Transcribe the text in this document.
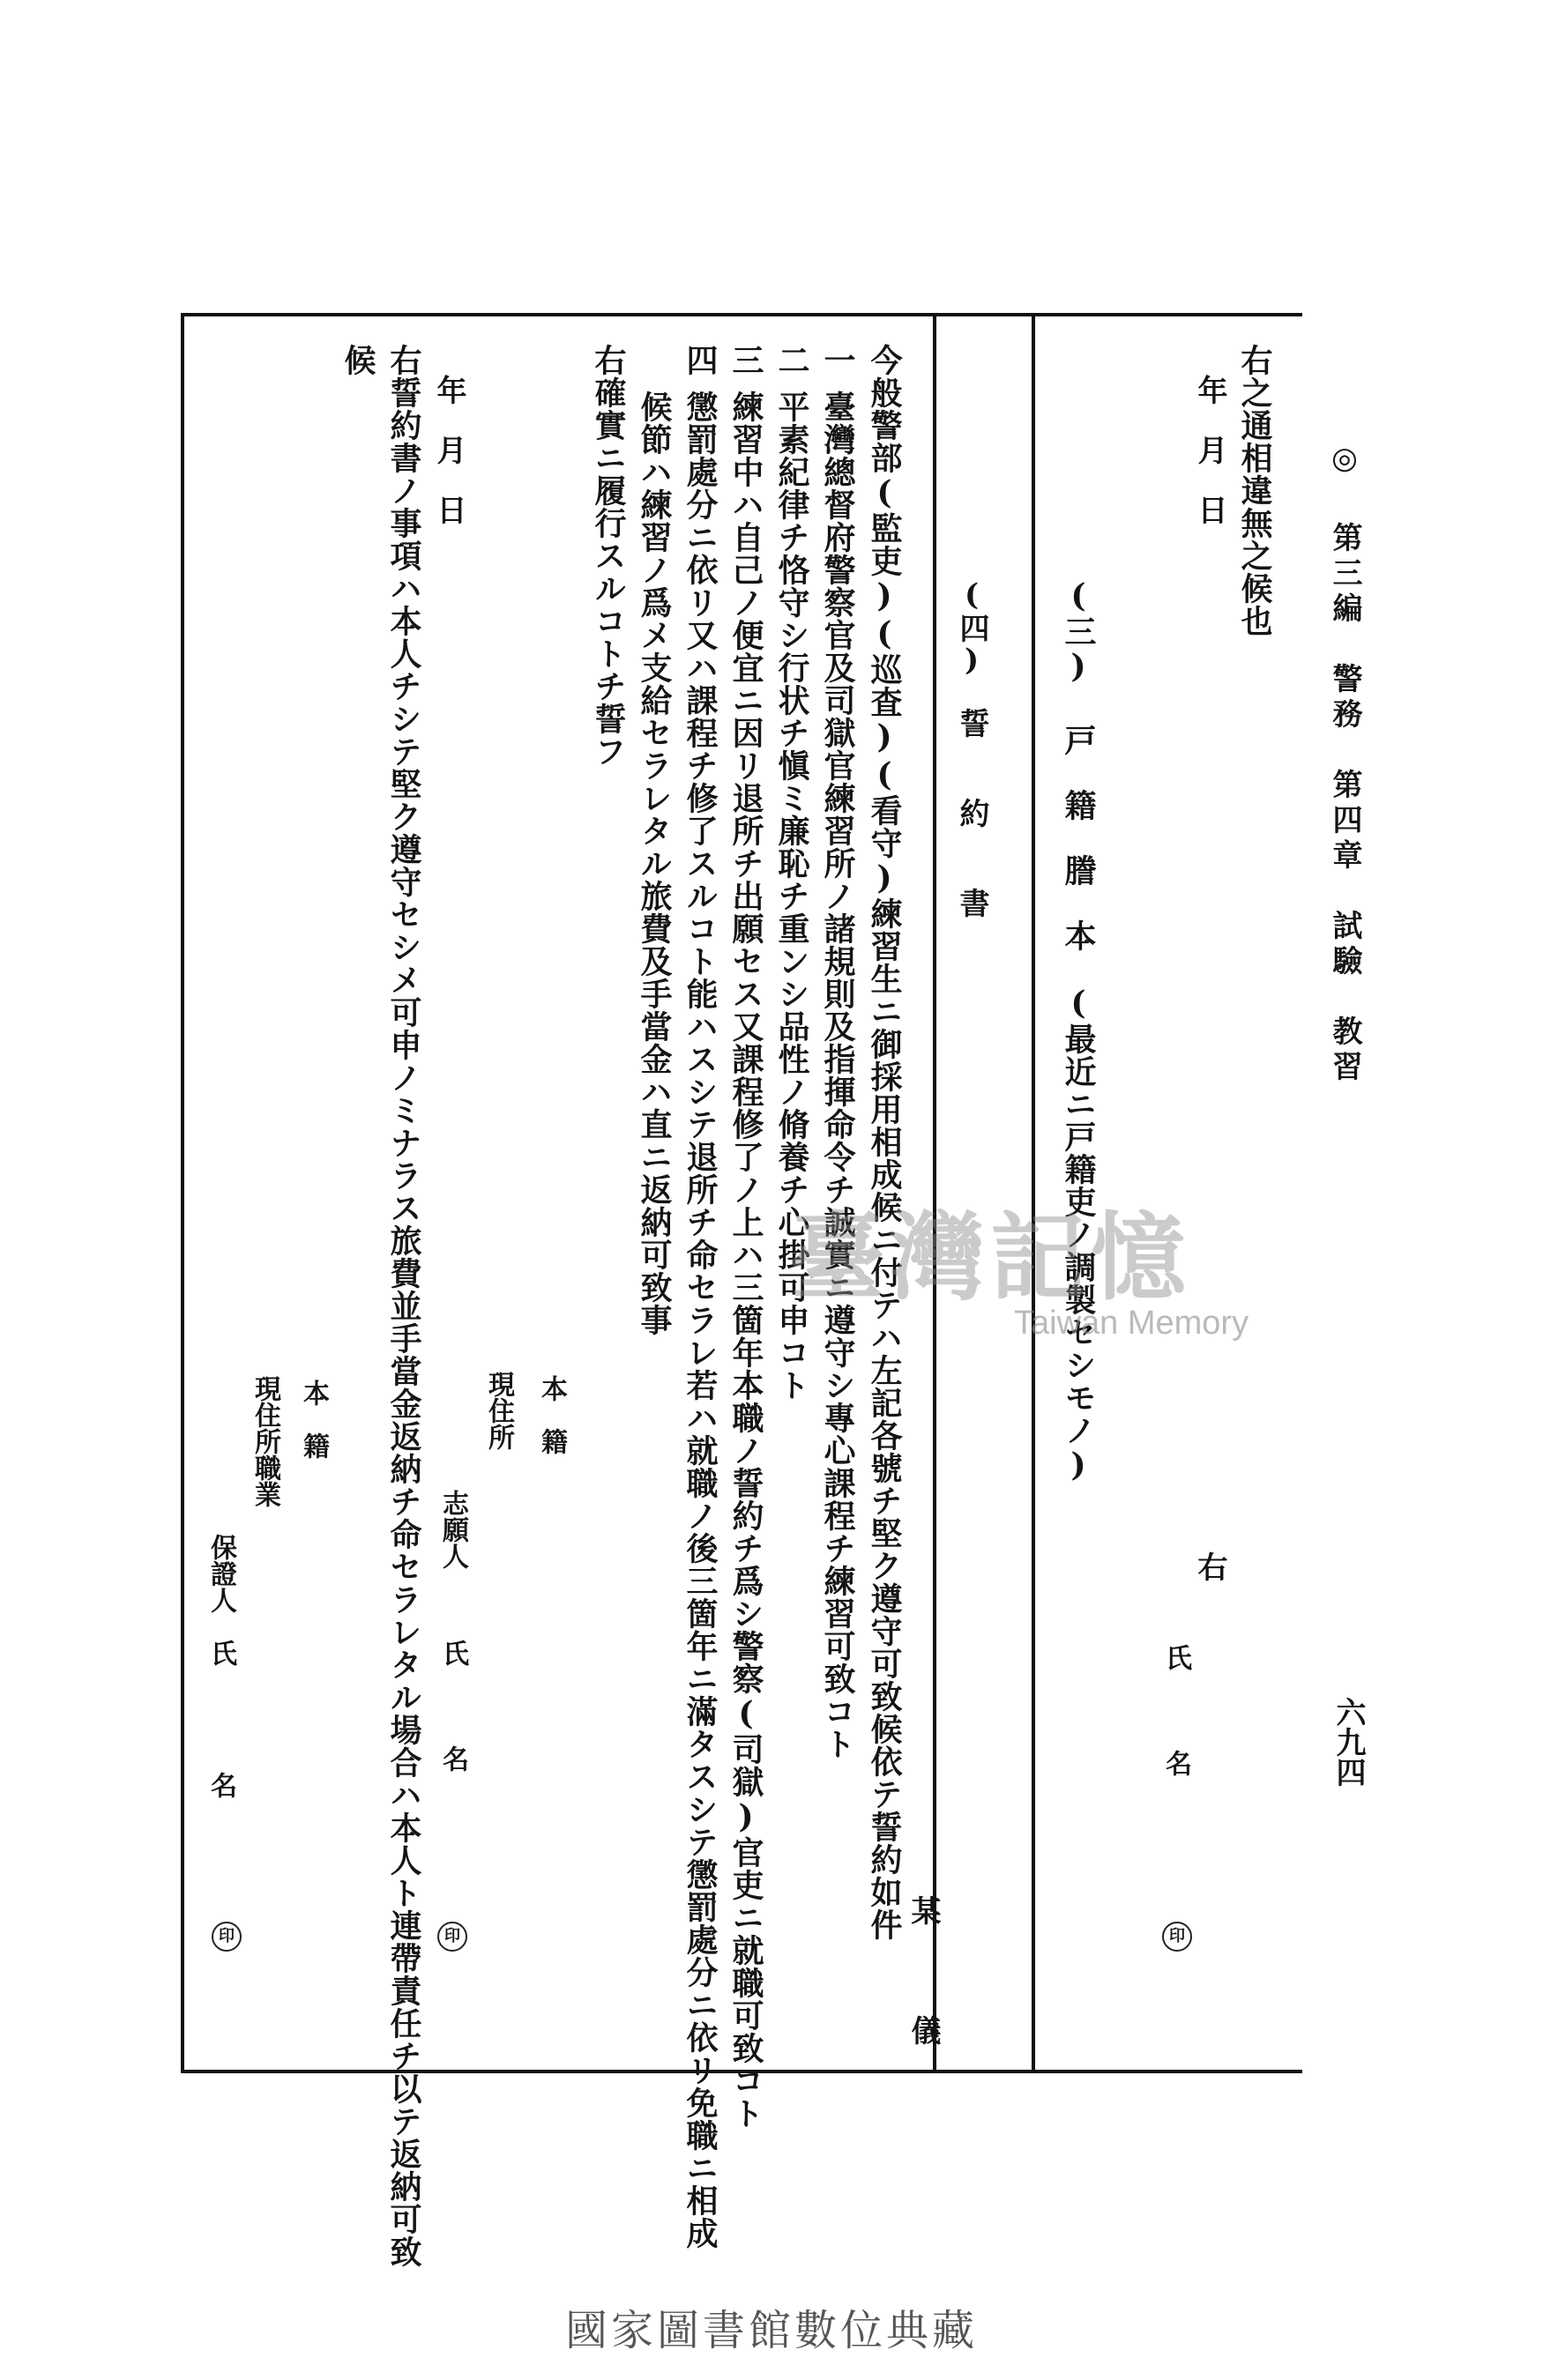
◎ 第三編　警務　第四章　試驗　教習
六九四
右之通相違無之候也
年　月　日
右
氏　　　名
印
(三) 戸　籍　謄　本　(最近ニ戸籍吏ノ調製セシモノ)
(四)　誓　　約　　書
某　　　儀
今般警部(監吏)(巡査)(看守)練習生ニ御採用相成候ニ付テハ左記各號チ堅ク遵守可致候依テ誓約如件
一
臺灣總督府警察官及司獄官練習所ノ諸規則及指揮命令チ誠實ニ遵守シ專心課程チ練習可致コト
二
平素紀律チ恪守シ行状チ愼ミ廉恥チ重ンシ品性ノ脩養チ心掛可申コト
三
練習中ハ自己ノ便宜ニ因リ退所チ出願セス又課程修了ノ上ハ三箇年本職ノ誓約チ爲シ警察(司獄)官吏ニ就職可致コト
四
懲罰處分ニ依リ又ハ課程チ修了スルコト能ハスシテ退所チ命セラレ若ハ就職ノ後三箇年ニ滿タスシテ懲罰處分ニ依リ免職ニ相成
候節ハ練習ノ爲メ支給セラレタル旅費及手當金ハ直ニ返納可致事
右確實ニ履行スルコトチ誓フ
本　籍
現住所
志願人
氏　　　名
印
年　月　日
右誓約書ノ事項ハ本人チシテ堅ク遵守セシメ可申ノミナラス旅費並手當金返納チ命セラレタル場合ハ本人ト連帶責任チ以テ返納可致
候
本　籍
現住所職業
保證人
氏　　　　名
印
臺灣記憶
Taiwan Memory
國家圖書館數位典藏
